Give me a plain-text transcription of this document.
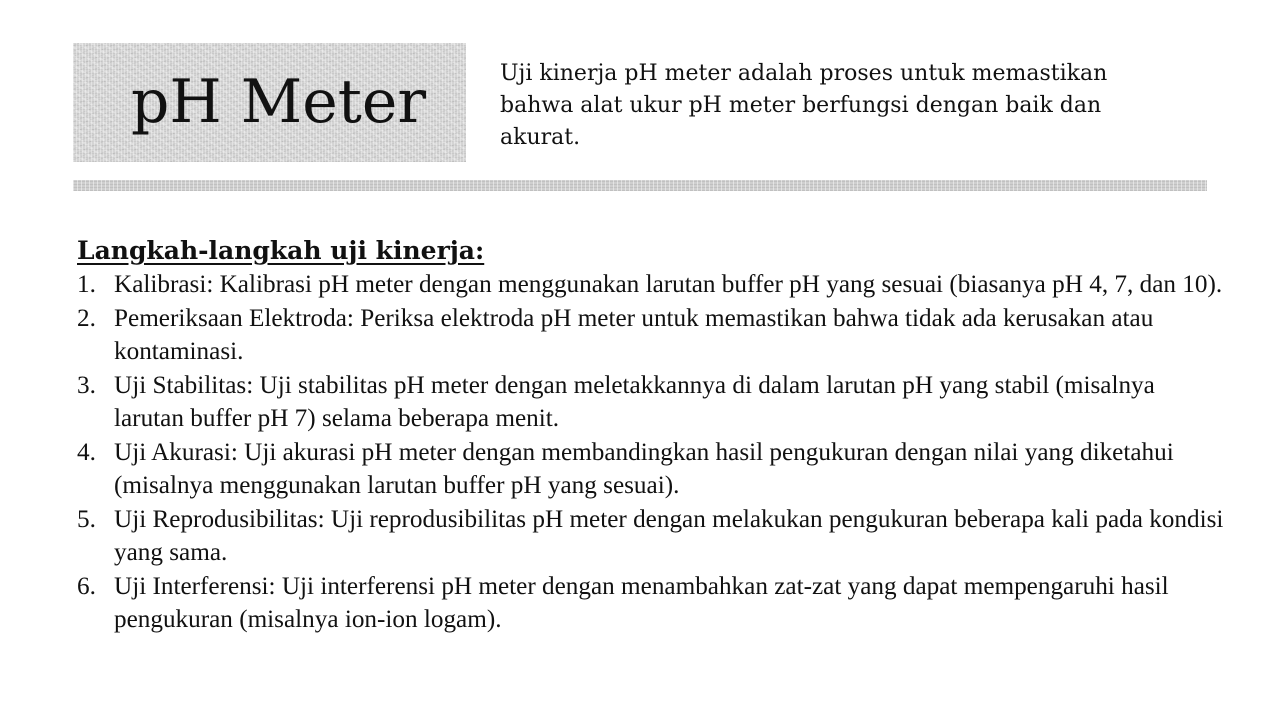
pH Meter	Uji kinerja pH meter adalah proses untuk memastikan bahwa alat ukur pH meter berfungsi dengan baik dan akurat.

Langkah-langkah uji kinerja:
1. Kalibrasi: Kalibrasi pH meter dengan menggunakan larutan buffer pH yang sesuai (biasanya pH 4, 7, dan 10).
2. Pemeriksaan Elektroda: Periksa elektroda pH meter untuk memastikan bahwa tidak ada kerusakan atau kontaminasi.
3. Uji Stabilitas: Uji stabilitas pH meter dengan meletakkannya di dalam larutan pH yang stabil (misalnya larutan buffer pH 7) selama beberapa menit.
4. Uji Akurasi: Uji akurasi pH meter dengan membandingkan hasil pengukuran dengan nilai yang diketahui (misalnya menggunakan larutan buffer pH yang sesuai).
5. Uji Reprodusibilitas: Uji reprodusibilitas pH meter dengan melakukan pengukuran beberapa kali pada kondisi yang sama.
6. Uji Interferensi: Uji interferensi pH meter dengan menambahkan zat-zat yang dapat mempengaruhi hasil pengukuran (misalnya ion-ion logam).
